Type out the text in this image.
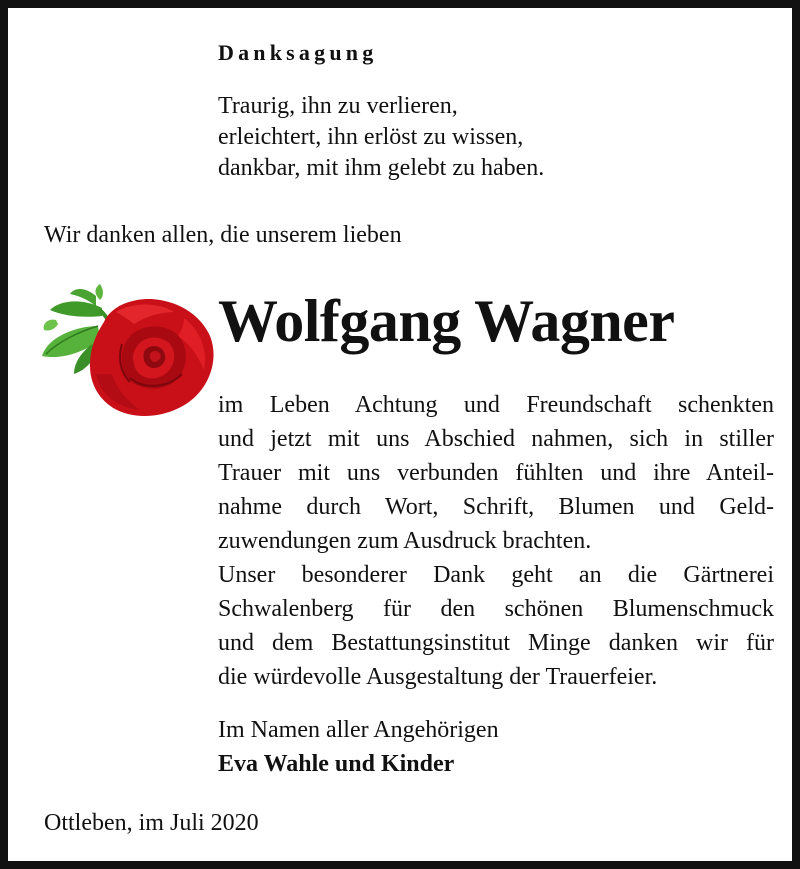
Danksagung
Traurig, ihn zu verlieren,
erleichtert, ihn erlöst zu wissen,
dankbar, mit ihm gelebt zu haben.
Wir danken allen, die unserem lieben
Wolfgang Wagner
im Leben Achtung und Freundschaft schenkten
und jetzt mit uns Abschied nahmen, sich in stiller
Trauer mit uns verbunden fühlten und ihre Anteil-
nahme durch Wort, Schrift, Blumen und Geld-
zuwendungen zum Ausdruck brachten.
Unser besonderer Dank geht an die Gärtnerei
Schwalenberg für den schönen Blumenschmuck
und dem Bestattungsinstitut Minge danken wir für
die würdevolle Ausgestaltung der Trauerfeier.
Im Namen aller Angehörigen
Eva Wahle und Kinder
Ottleben, im Juli 2020
